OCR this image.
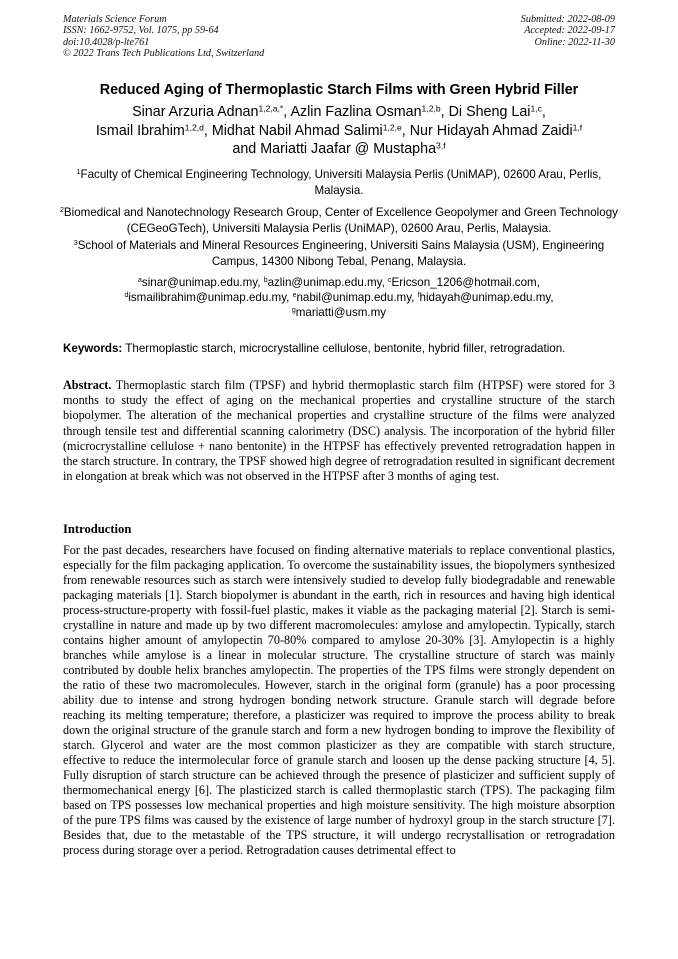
Materials Science Forum
ISSN: 1662-9752, Vol. 1075, pp 59-64
doi:10.4028/p-lte761
© 2022 Trans Tech Publications Ltd, Switzerland
Submitted: 2022-08-09
Accepted: 2022-09-17
Online: 2022-11-30
Reduced Aging of Thermoplastic Starch Films with Green Hybrid Filler
Sinar Arzuria Adnan$^{1,2,a,*}$, Azlin Fazlina Osman$^{1,2,b}$, Di Sheng Lai$^{1,c}$,
Ismail Ibrahim$^{1,2,d}$, Midhat Nabil Ahmad Salimi$^{1,2,e}$, Nur Hidayah Ahmad Zaidi$^{1,f}$
and Mariatti Jaafar @ Mustapha$^{3,f}$
$^1$Faculty of Chemical Engineering Technology, Universiti Malaysia Perlis (UniMAP), 02600 Arau, Perlis, Malaysia.
$^2$Biomedical and Nanotechnology Research Group, Center of Excellence Geopolymer and Green Technology (CEGeoGTech), Universiti Malaysia Perlis (UniMAP), 02600 Arau, Perlis, Malaysia.
$^3$School of Materials and Mineral Resources Engineering, Universiti Sains Malaysia (USM), Engineering Campus, 14300 Nibong Tebal, Penang, Malaysia.
$^a$sinar@unimap.edu.my, $^b$azlin@unimap.edu.my, $^c$Ericson_1206@hotmail.com,
$^d$ismailibrahim@unimap.edu.my, $^e$nabil@unimap.edu.my, $^f$hidayah@unimap.edu.my,
$^g$mariatti@usm.my
Keywords: Thermoplastic starch, microcrystalline cellulose, bentonite, hybrid filler, retrogradation.
Abstract. Thermoplastic starch film (TPSF) and hybrid thermoplastic starch film (HTPSF) were stored for 3 months to study the effect of aging on the mechanical properties and crystalline structure of the starch biopolymer. The alteration of the mechanical properties and crystalline structure of the films were analyzed through tensile test and differential scanning calorimetry (DSC) analysis. The incorporation of the hybrid filler (microcrystalline cellulose + nano bentonite) in the HTPSF has effectively prevented retrogradation happen in the starch structure. In contrary, the TPSF showed high degree of retrogradation resulted in significant decrement in elongation at break which was not observed in the HTPSF after 3 months of aging test.
Introduction
For the past decades, researchers have focused on finding alternative materials to replace conventional plastics, especially for the film packaging application. To overcome the sustainability issues, the biopolymers synthesized from renewable resources such as starch were intensively studied to develop fully biodegradable and renewable packaging materials [1]. Starch biopolymer is abundant in the earth, rich in resources and having high identical process-structure-property with fossil-fuel plastic, makes it viable as the packaging material [2]. Starch is semi-crystalline in nature and made up by two different macromolecules: amylose and amylopectin. Typically, starch contains higher amount of amylopectin 70-80% compared to amylose 20-30% [3]. Amylopectin is a highly branches while amylose is a linear in molecular structure. The crystalline structure of starch was mainly contributed by double helix branches amylopectin. The properties of the TPS films were strongly dependent on the ratio of these two macromolecules. However, starch in the original form (granule) has a poor processing ability due to intense and strong hydrogen bonding network structure. Granule starch will degrade before reaching its melting temperature; therefore, a plasticizer was required to improve the process ability to break down the original structure of the granule starch and form a new hydrogen bonding to improve the flexibility of starch. Glycerol and water are the most common plasticizer as they are compatible with starch structure, effective to reduce the intermolecular force of granule starch and loosen up the dense packing structure [4, 5]. Fully disruption of starch structure can be achieved through the presence of plasticizer and sufficient supply of thermomechanical energy [6]. The plasticized starch is called thermoplastic starch (TPS). The packaging film based on TPS possesses low mechanical properties and high moisture sensitivity. The high moisture absorption of the pure TPS films was caused by the existence of large number of hydroxyl group in the starch structure [7]. Besides that, due to the metastable of the TPS structure, it will undergo recrystallisation or retrogradation process during storage over a period. Retrogradation causes detrimental effect to
